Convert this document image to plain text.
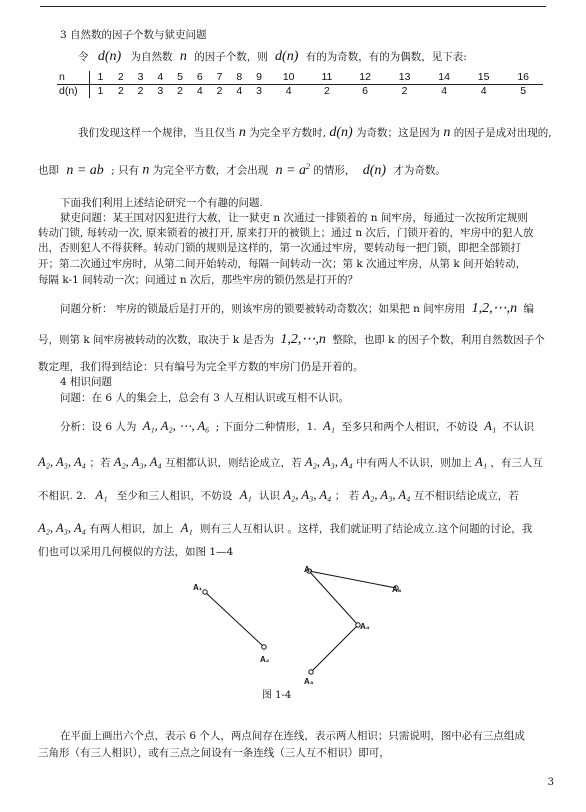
3 自然数的因子个数与狱吏问题
令 d(n) 为自然数 n 的因子个数，则 d(n) 有的为奇数，有的为偶数，见下表:
n	1	2	3	4	5	6	7	8	9	10	11	12	13	14	15	16
d(n)	1	2	2	3	2	4	2	4	3	4	2	6	2	4	4	5
我们发现这样一个规律，当且仅当 n 为完全平方数时, d(n) 为奇数；这是因为 n 的因子是成对出现的,
也即 n = ab ; 只有 n 为完全平方数，才会出现 $n = a^2$ 的情形， d(n) 才为奇数。
下面我们利用上述结论研究一个有趣的问题.
狱吏问题：某王国对囚犯进行大赦，让一狱吏 n 次通过一排锁着的 n 间牢房，每通过一次按所定规则
转动门锁, 每转动一次, 原来锁着的被打开, 原来打开的被锁上；通过 n 次后，门锁开着的，牢房中的犯人放
出，否则犯人不得获释。转动门锁的规则是这样的，第一次通过牢房，要转动每一把门锁，即把全部锁打
开；第二次通过牢房时，从第二间开始转动，每隔一间转动一次；第 k 次通过牢房，从第 k 间开始转动，
每隔 k-1 间转动一次；问通过 n 次后，那些牢房的锁仍然是打开的？
问题分析： 牢房的锁最后是打开的，则该牢房的锁要被转动奇数次；如果把 n 间牢房用 1,2,⋯,n 编
号，则第 k 间牢房被转动的次数，取决于 k 是否为 1,2,⋯,n 整除，也即 k 的因子个数，利用自然数因子个
数定理，我们得到结论：只有编号为完全平方数的牢房门仍是开着的。
4 相识问题
问题：在 6 人的集会上，总会有 3 人互相认识或互相不认识。
分析：设 6 人为 A₁, A₂, ⋯, A₆ ; 下面分二种情形，1. A₁ 至多只和两个人相识，不妨设 A₁ 不认识
A₂, A₃, A₄ ；若 A₂, A₃, A₄ 互相都认识，则结论成立，若 A₂, A₃, A₄ 中有两人不认识，则加上 A₁ ，有三人互
不相识. 2. A₁ 至少和三人相识，不妨设 A₁ 认识 A₂, A₃, A₄ ； 若 A₂, A₃, A₄ 互不相识结论成立，若
A₂, A₃, A₄ 有两人相识，加上 A₁ 则有三人互相认识 。这样，我们就证明了结论成立.这个问题的讨论，我
们也可以采用几何模似的方法，如图 1—4
A₁
A₂
A₁
A₆
A₄
A₃
图 1-4
在平面上画出六个点，表示 6 个人，两点间存在连线，表示两人相识；只需说明，图中必有三点组成
三角形（有三人相识），或有三点之间设有一条连线（三人互不相识）即可，
3
